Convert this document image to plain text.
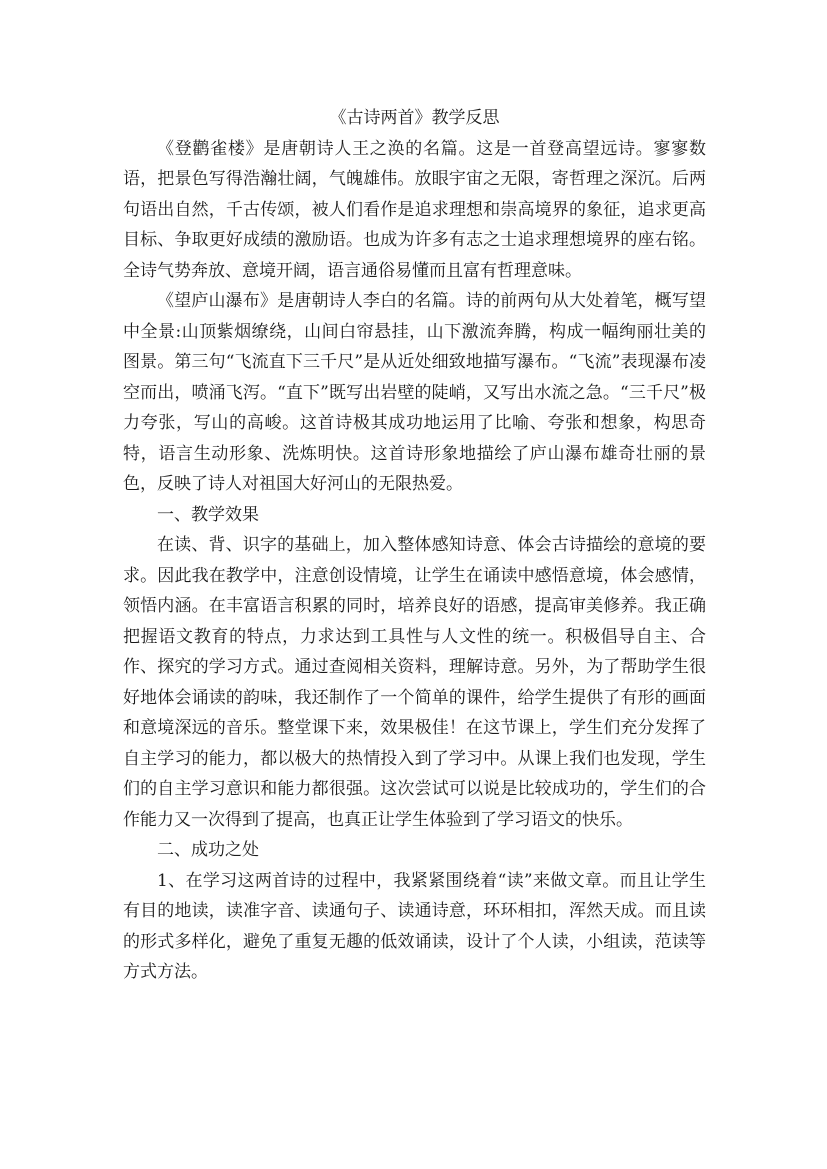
《古诗两首》教学反思

《登鹳雀楼》是唐朝诗人王之涣的名篇。这是一首登高望远诗。寥寥数语，把景色写得浩瀚壮阔，气魄雄伟。放眼宇宙之无限，寄哲理之深沉。后两句语出自然，千古传颂，被人们看作是追求理想和崇高境界的象征，追求更高目标、争取更好成绩的激励语。也成为许多有志之士追求理想境界的座右铭。全诗气势奔放、意境开阔，语言通俗易懂而且富有哲理意味。

《望庐山瀑布》是唐朝诗人李白的名篇。诗的前两句从大处着笔，概写望中全景:山顶紫烟缭绕，山间白帘悬挂，山下激流奔腾，构成一幅绚丽壮美的图景。第三句“飞流直下三千尺”是从近处细致地描写瀑布。“飞流”表现瀑布凌空而出，喷涌飞泻。“直下”既写出岩壁的陡峭，又写出水流之急。“三千尺”极力夸张，写山的高峻。这首诗极其成功地运用了比喻、夸张和想象，构思奇特，语言生动形象、洗炼明快。这首诗形象地描绘了庐山瀑布雄奇壮丽的景色，反映了诗人对祖国大好河山的无限热爱。

一、教学效果

在读、背、识字的基础上，加入整体感知诗意、体会古诗描绘的意境的要求。因此我在教学中，注意创设情境，让学生在诵读中感悟意境，体会感情，领悟内涵。在丰富语言积累的同时，培养良好的语感，提高审美修养。我正确把握语文教育的特点，力求达到工具性与人文性的统一。积极倡导自主、合作、探究的学习方式。通过查阅相关资料，理解诗意。另外，为了帮助学生很好地体会诵读的韵味，我还制作了一个简单的课件，给学生提供了有形的画面和意境深远的音乐。整堂课下来，效果极佳！在这节课上，学生们充分发挥了自主学习的能力，都以极大的热情投入到了学习中。从课上我们也发现，学生们的自主学习意识和能力都很强。这次尝试可以说是比较成功的，学生们的合作能力又一次得到了提高，也真正让学生体验到了学习语文的快乐。

二、成功之处

1、在学习这两首诗的过程中，我紧紧围绕着“读”来做文章。而且让学生有目的地读，读准字音、读通句子、读通诗意，环环相扣，浑然天成。而且读的形式多样化，避免了重复无趣的低效诵读，设计了个人读，小组读，范读等方式方法。
